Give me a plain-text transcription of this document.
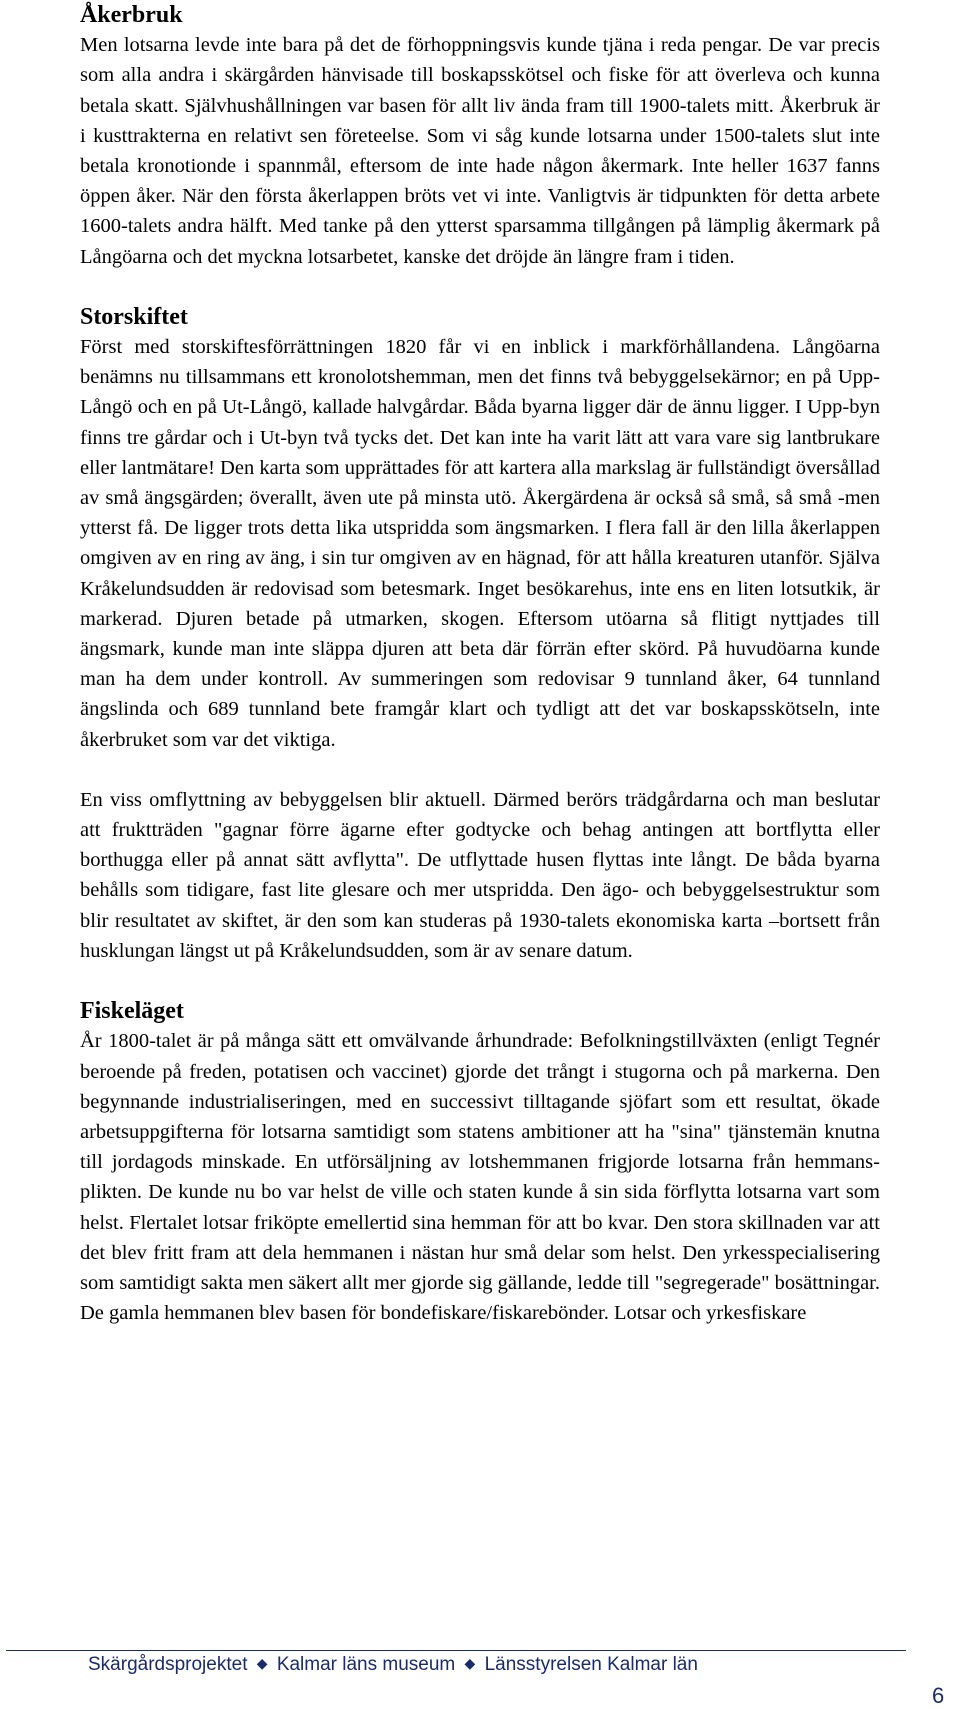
Åkerbruk

Men lotsarna levde inte bara på det de förhoppningsvis kunde tjäna i reda pengar. De var precis som alla andra i skärgården hänvisade till boskapsskötsel och fiske för att överleva och kunna betala skatt. Självhushållningen var basen för allt liv ända fram till 1900-talets mitt. Åkerbruk är i kusttrakterna en relativt sen företeelse. Som vi såg kunde lotsarna under 1500-talets slut inte betala kronotionde i spannmål, eftersom de inte hade någon åkermark. Inte heller 1637 fanns öppen åker. När den första åkerlappen bröts vet vi inte. Vanligtvis är tidpunkten för detta arbete 1600-talets andra hälft. Med tanke på den ytterst sparsamma tillgången på lämplig åkermark på Långöarna och det myckna lotsarbetet, kanske det dröjde än längre fram i tiden.

Storskiftet

Först med storskiftesförrättningen 1820 får vi en inblick i markförhållandena. Långöarna benämns nu tillsammans ett kronolotshemman, men det finns två bebyggelsekärnor; en på Upp-Långö och en på Ut-Långö, kallade halvgårdar. Båda byarna ligger där de ännu ligger. I Upp-byn finns tre gårdar och i Ut-byn två tycks det. Det kan inte ha varit lätt att vara vare sig lantbrukare eller lantmätare! Den karta som upprättades för att kartera alla markslag är fullständigt översållad av små ängsgärden; överallt, även ute på minsta utö. Åkergärdena är också så små, så små -men ytterst få. De ligger trots detta lika utspridda som ängsmarken. I flera fall är den lilla åkerlappen omgiven av en ring av äng, i sin tur omgiven av en hägnad, för att hålla kreaturen utanför. Själva Kråkelundsudden är redovisad som betesmark. Inget besökarehus, inte ens en liten lotsutkik, är markerad. Djuren betade på utmarken, skogen. Eftersom utöarna så flitigt nyttjades till ängsmark, kunde man inte släppa djuren att beta där förrän efter skörd. På huvudöarna kunde man ha dem under kontroll. Av summeringen som redovisar 9 tunnland åker, 64 tunnland ängslinda och 689 tunnland bete framgår klart och tydligt att det var boskapsskötseln, inte åkerbruket som var det viktiga.

En viss omflyttning av bebyggelsen blir aktuell. Därmed berörs trädgårdarna och man beslutar att fruktträden "gagnar förre ägarne efter godtycke och behag antingen att bortflytta eller borthugga eller på annat sätt avflytta". De utflyttade husen flyttas inte långt. De båda byarna behålls som tidigare, fast lite glesare och mer utspridda. Den ägo- och bebyggelsestruktur som blir resultatet av skiftet, är den som kan studeras på 1930-talets ekonomiska karta –bortsett från husklungan längst ut på Kråkelundsudden, som är av senare datum.

Fiskeläget

År 1800-talet är på många sätt ett omvälvande århundrade: Befolkningstillväxten (enligt Tegnér beroende på freden, potatisen och vaccinet) gjorde det trångt i stugorna och på markerna. Den begynnande industrialiseringen, med en successivt tilltagande sjöfart som ett resultat, ökade arbetsuppgifterna för lotsarna samtidigt som statens ambitioner att ha "sina" tjänstemän knutna till jordagods minskade. En utförsäljning av lotshemmanen frigjorde lotsarna från hemmans-plikten. De kunde nu bo var helst de ville och staten kunde å sin sida förflytta lotsarna vart som helst. Flertalet lotsar friköpte emellertid sina hemman för att bo kvar. Den stora skillnaden var att det blev fritt fram att dela hemmanen i nästan hur små delar som helst. Den yrkesspecialisering som samtidigt sakta men säkert allt mer gjorde sig gällande, ledde till "segregerade" bosättningar. De gamla hemmanen blev basen för bondefiskare/fiskarebönder. Lotsar och yrkesfiskare

Skärgårdsprojektet ◆ Kalmar läns museum ◆ Länsstyrelsen Kalmar län
6
